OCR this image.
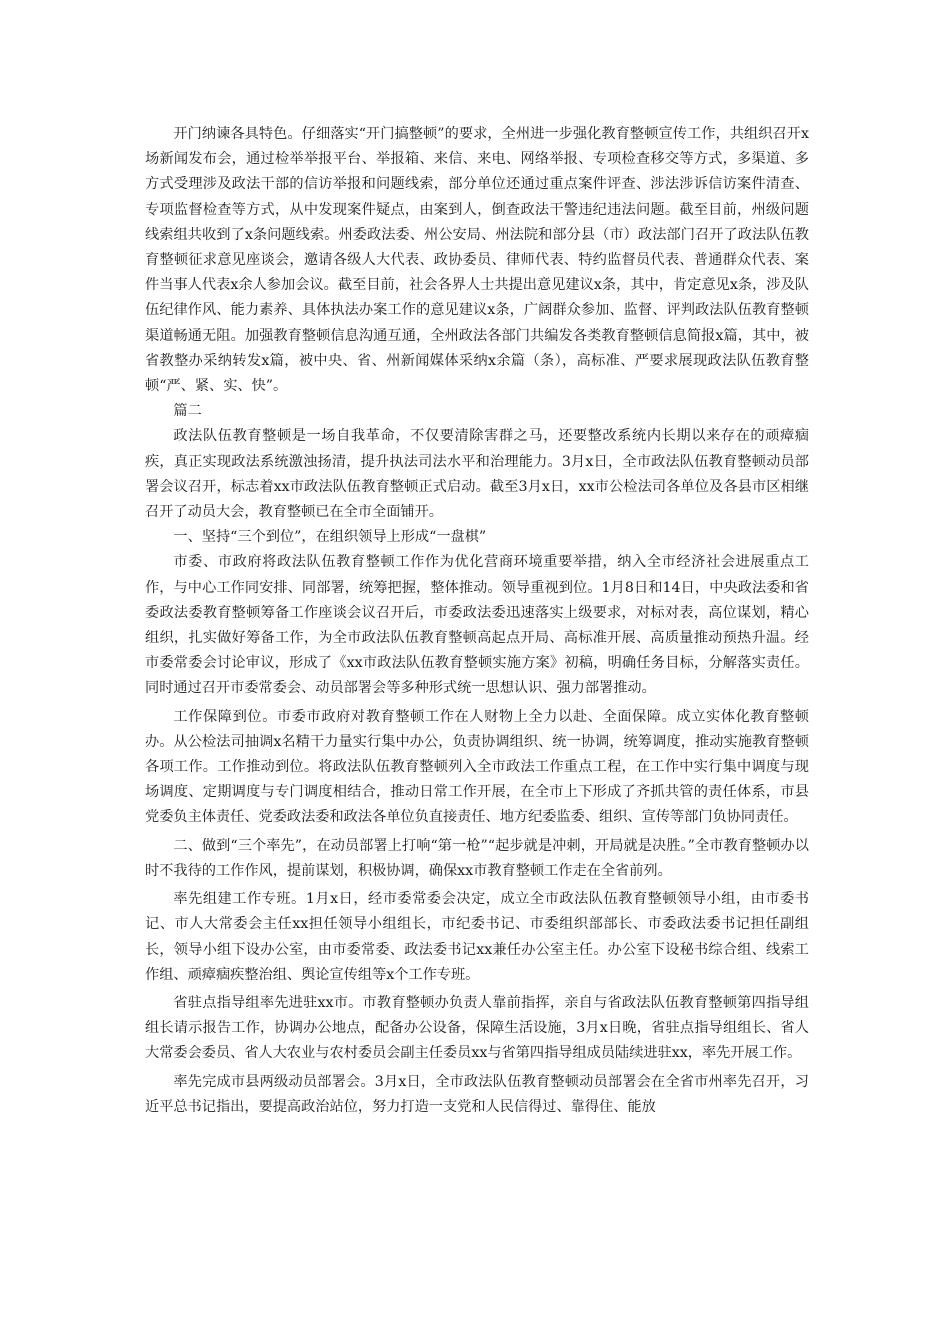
开门纳谏各具特色。仔细落实“开门搞整顿”的要求，全州进一步强化教育整顿宣传工作，共组织召开x场新闻发布会，通过检举举报平台、举报箱、来信、来电、网络举报、专项检查移交等方式，多渠道、多方式受理涉及政法干部的信访举报和问题线索，部分单位还通过重点案件评查、涉法涉诉信访案件清查、专项监督检查等方式，从中发现案件疑点，由案到人，倒查政法干警违纪违法问题。截至目前，州级问题线索组共收到了x条问题线索。州委政法委、州公安局、州法院和部分县（市）政法部门召开了政法队伍教育整顿征求意见座谈会，邀请各级人大代表、政协委员、律师代表、特约监督员代表、普通群众代表、案件当事人代表x余人参加会议。截至目前，社会各界人士共提出意见建议x条，其中，肯定意见x条，涉及队伍纪律作风、能力素养、具体执法办案工作的意见建议x条，广阔群众参加、监督、评判政法队伍教育整顿渠道畅通无阻。加强教育整顿信息沟通互通，全州政法各部门共编发各类教育整顿信息简报x篇，其中，被省教整办采纳转发x篇，被中央、省、州新闻媒体采纳x余篇（条），高标准、严要求展现政法队伍教育整顿“严、紧、实、快”。

篇二

政法队伍教育整顿是一场自我革命，不仅要清除害群之马，还要整改系统内长期以来存在的顽瘴痼疾，真正实现政法系统激浊扬清，提升执法司法水平和治理能力。3月x日，全市政法队伍教育整顿动员部署会议召开，标志着xx市政法队伍教育整顿正式启动。截至3月x日，xx市公检法司各单位及各县市区相继召开了动员大会，教育整顿已在全市全面铺开。

一、坚持“三个到位”，在组织领导上形成“一盘棋”

市委、市政府将政法队伍教育整顿工作作为优化营商环境重要举措，纳入全市经济社会进展重点工作，与中心工作同安排、同部署，统筹把握，整体推动。领导重视到位。1月8日和14日，中央政法委和省委政法委教育整顿筹备工作座谈会议召开后，市委政法委迅速落实上级要求，对标对表，高位谋划，精心组织，扎实做好筹备工作，为全市政法队伍教育整顿高起点开局、高标准开展、高质量推动预热升温。经市委常委会讨论审议，形成了《xx市政法队伍教育整顿实施方案》初稿，明确任务目标，分解落实责任。同时通过召开市委常委会、动员部署会等多种形式统一思想认识、强力部署推动。

工作保障到位。市委市政府对教育整顿工作在人财物上全力以赴、全面保障。成立实体化教育整顿办。从公检法司抽调x名精干力量实行集中办公，负责协调组织、统一协调，统筹调度，推动实施教育整顿各项工作。工作推动到位。将政法队伍教育整顿列入全市政法工作重点工程，在工作中实行集中调度与现场调度、定期调度与专门调度相结合，推动日常工作开展，在全市上下形成了齐抓共管的责任体系，市县党委负主体责任、党委政法委和政法各单位负直接责任、地方纪委监委、组织、宣传等部门负协同责任。

二、做到“三个率先”，在动员部署上打响“第一枪”“起步就是冲刺，开局就是决胜。”全市教育整顿办以时不我待的工作作风，提前谋划，积极协调，确保xx市教育整顿工作走在全省前列。

率先组建工作专班。1月x日，经市委常委会决定，成立全市政法队伍教育整顿领导小组，由市委书记、市人大常委会主任xx担任领导小组组长，市纪委书记、市委组织部部长、市委政法委书记担任副组长，领导小组下设办公室，由市委常委、政法委书记xx兼任办公室主任。办公室下设秘书综合组、线索工作组、顽瘴痼疾整治组、舆论宣传组等x个工作专班。

省驻点指导组率先进驻xx市。市教育整顿办负责人靠前指挥，亲自与省政法队伍教育整顿第四指导组组长请示报告工作，协调办公地点，配备办公设备，保障生活设施，3月x日晚，省驻点指导组组长、省人大常委会委员、省人大农业与农村委员会副主任委员xx与省第四指导组成员陆续进驻xx，率先开展工作。

率先完成市县两级动员部署会。3月x日，全市政法队伍教育整顿动员部署会在全省市州率先召开，习近平总书记指出，要提高政治站位，努力打造一支党和人民信得过、靠得住、能放
